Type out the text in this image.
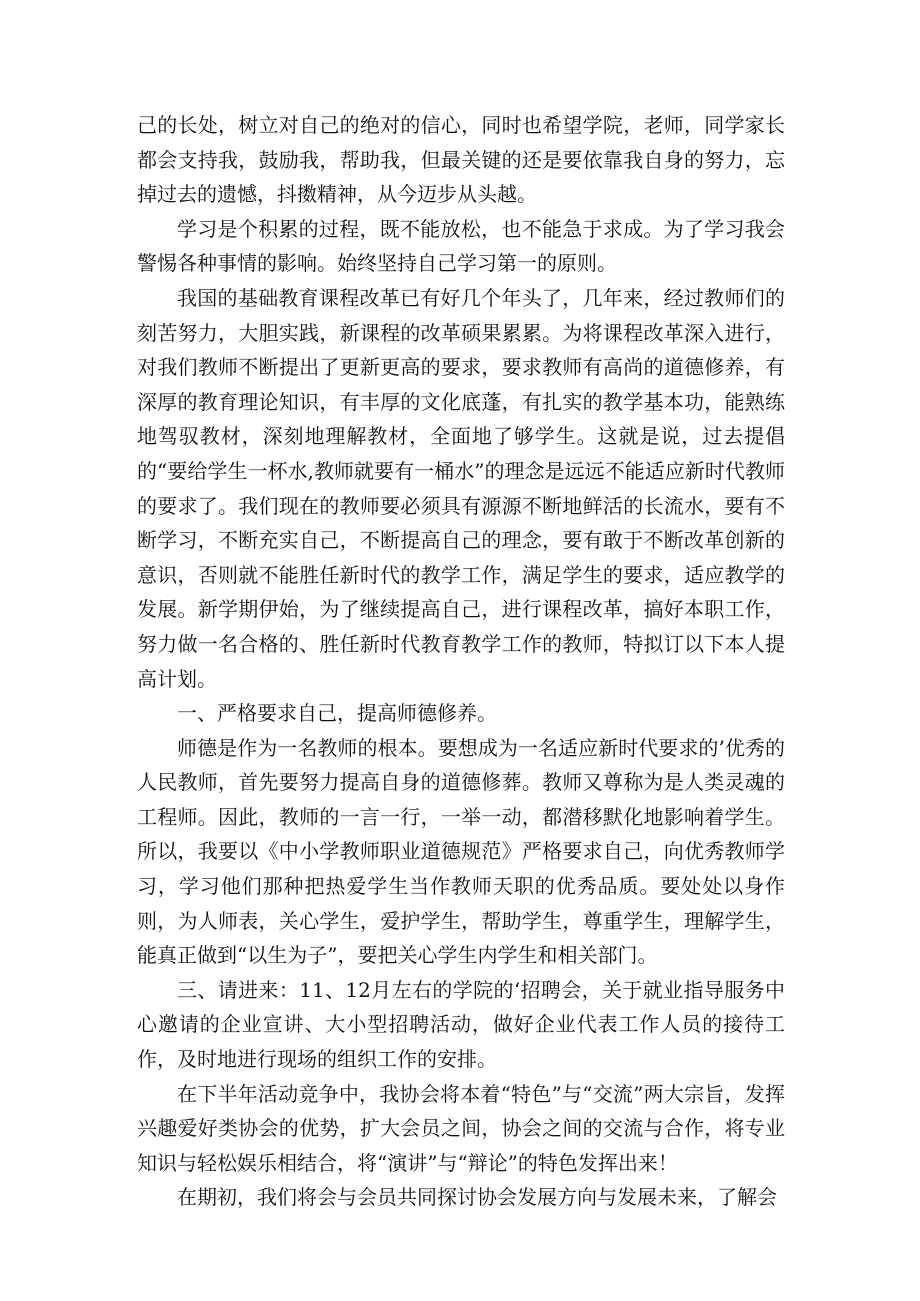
己的长处，树立对自己的绝对的信心，同时也希望学院，老师，同学家长都会支持我，鼓励我，帮助我，但最关键的还是要依靠我自身的努力，忘掉过去的遗憾，抖擞精神，从今迈步从头越。

学习是个积累的过程，既不能放松，也不能急于求成。为了学习我会警惕各种事情的影响。始终坚持自己学习第一的原则。

我国的基础教育课程改革已有好几个年头了，几年来，经过教师们的刻苦努力，大胆实践，新课程的改革硕果累累。为将课程改革深入进行，对我们教师不断提出了更新更高的要求，要求教师有高尚的道德修养，有深厚的教育理论知识，有丰厚的文化底蓬，有扎实的教学基本功，能熟练地驾驭教材，深刻地理解教材，全面地了够学生。这就是说，过去提倡的“要给学生一杯水,教师就要有一桶水”的理念是远远不能适应新时代教师的要求了。我们现在的教师要必须具有源源不断地鲜活的长流水，要有不断学习，不断充实自己，不断提高自己的理念，要有敢于不断改革创新的意识，否则就不能胜任新时代的教学工作，满足学生的要求，适应教学的发展。新学期伊始，为了继续提高自己，进行课程改革，搞好本职工作，努力做一名合格的、胜任新时代教育教学工作的教师，特拟订以下本人提高计划。

一、严格要求自己，提高师德修养。

师德是作为一名教师的根本。要想成为一名适应新时代要求的’优秀的人民教师，首先要努力提高自身的道德修葬。教师又尊称为是人类灵魂的工程师。因此，教师的一言一行，一举一动，都潜移默化地影响着学生。所以，我要以《中小学教师职业道德规范》严格要求自己，向优秀教师学习，学习他们那种把热爱学生当作教师天职的优秀品质。要处处以身作则，为人师表，关心学生，爱护学生，帮助学生，尊重学生，理解学生，能真正做到“以生为子”，要把关心学生内学生和相关部门。

三、请进来：11、12月左右的学院的‘招聘会，关于就业指导服务中心邀请的企业宣讲、大小型招聘活动，做好企业代表工作人员的接待工作，及时地进行现场的组织工作的安排。

在下半年活动竞争中，我协会将本着“特色”与“交流”两大宗旨，发挥兴趣爱好类协会的优势，扩大会员之间，协会之间的交流与合作，将专业知识与轻松娱乐相结合，将“演讲”与“辩论”的特色发挥出来！

在期初，我们将会与会员共同探讨协会发展方向与发展未来，了解会
